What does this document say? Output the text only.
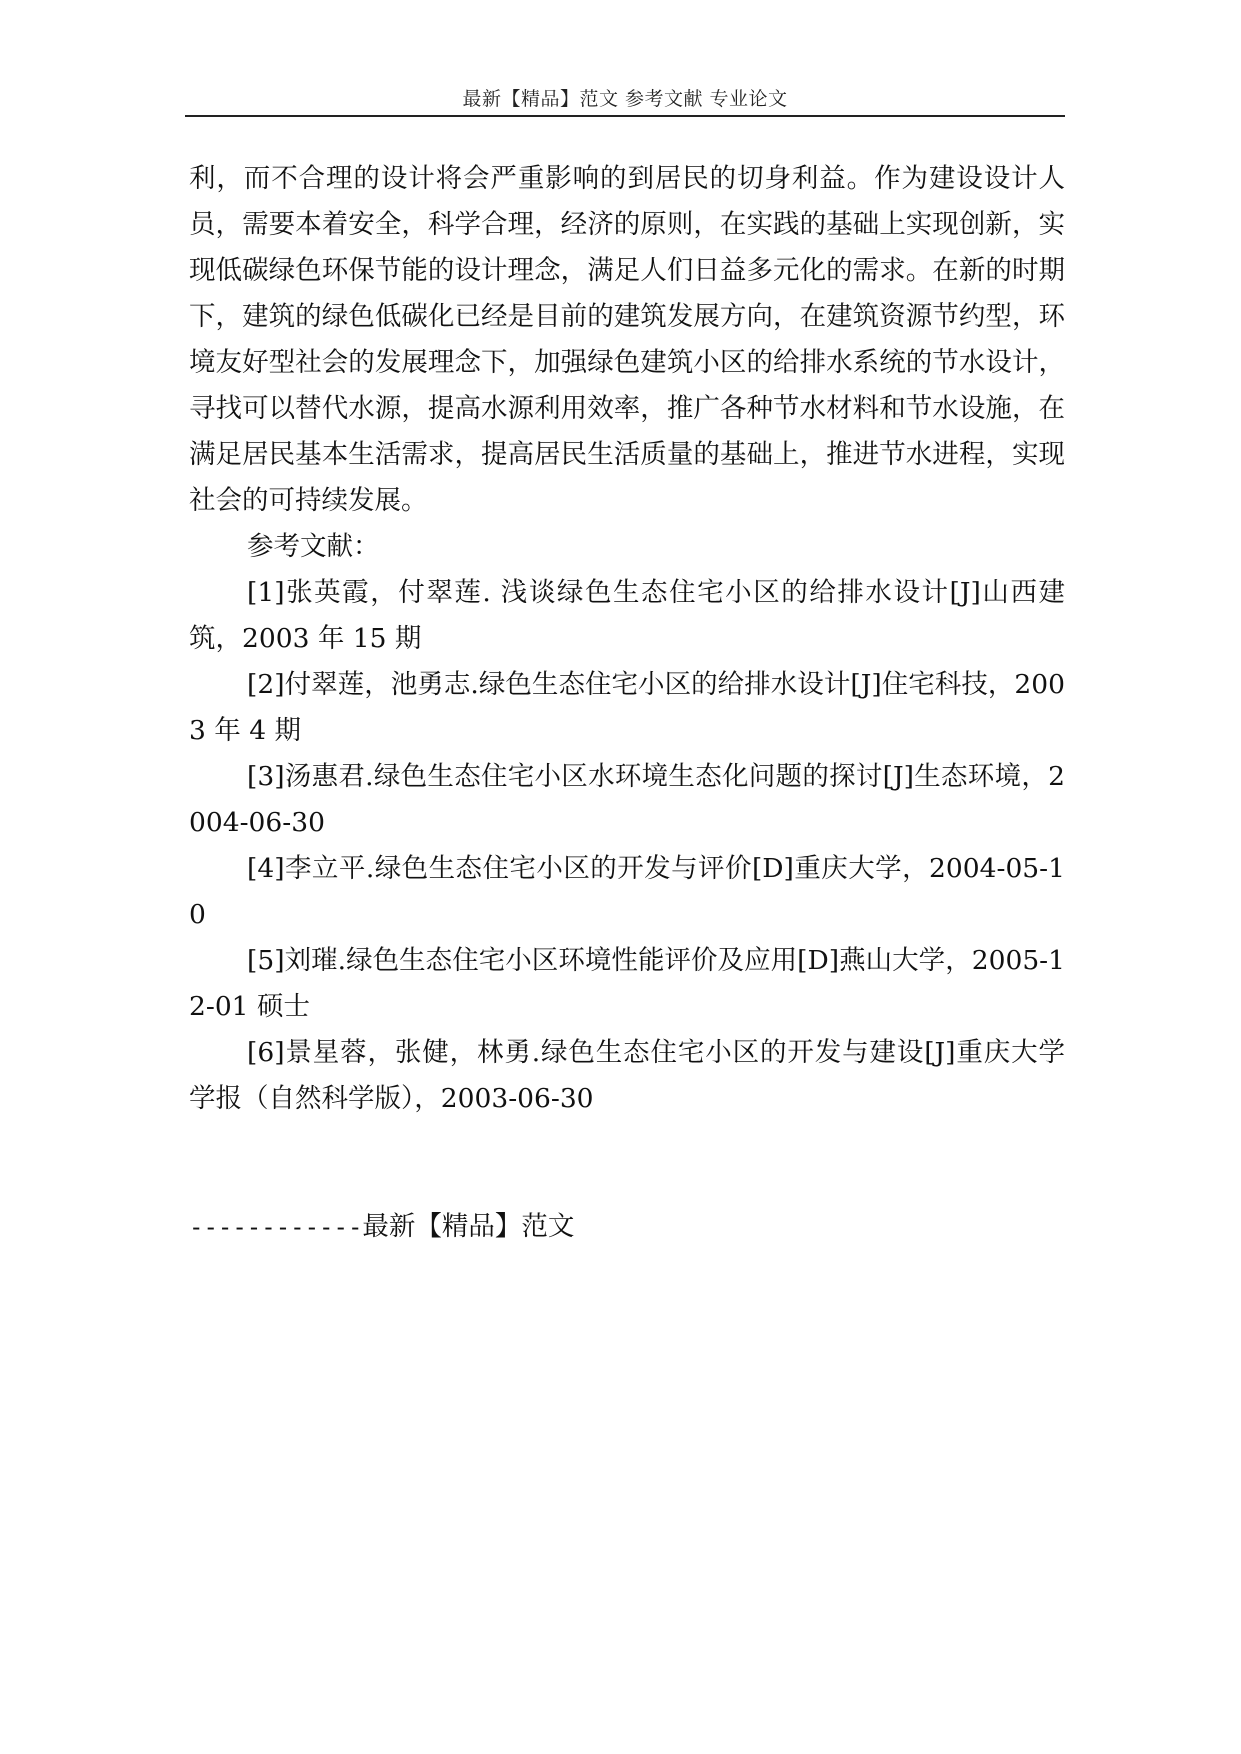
最新【精品】范文 参考文献 专业论文

利，而不合理的设计将会严重影响的到居民的切身利益。作为建设设计人员，需要本着安全，科学合理，经济的原则，在实践的基础上实现创新，实现低碳绿色环保节能的设计理念，满足人们日益多元化的需求。在新的时期下，建筑的绿色低碳化已经是目前的建筑发展方向，在建筑资源节约型，环境友好型社会的发展理念下，加强绿色建筑小区的给排水系统的节水设计，寻找可以替代水源，提高水源利用效率，推广各种节水材料和节水设施，在满足居民基本生活需求，提高居民生活质量的基础上，推进节水进程，实现社会的可持续发展。

参考文献：

[1]张英霞，付翠莲. 浅谈绿色生态住宅小区的给排水设计[J]山西建筑，2003 年 15 期

[2]付翠莲，池勇志.绿色生态住宅小区的给排水设计[J]住宅科技，2003 年 4 期

[3]汤惠君.绿色生态住宅小区水环境生态化问题的探讨[J]生态环境，2004-06-30

[4]李立平.绿色生态住宅小区的开发与评价[D]重庆大学，2004-05-10

[5]刘璀.绿色生态住宅小区环境性能评价及应用[D]燕山大学，2005-12-01 硕士

[6]景星蓉，张健，林勇.绿色生态住宅小区的开发与建设[J]重庆大学学报（自然科学版），2003-06-30

------------最新【精品】范文
